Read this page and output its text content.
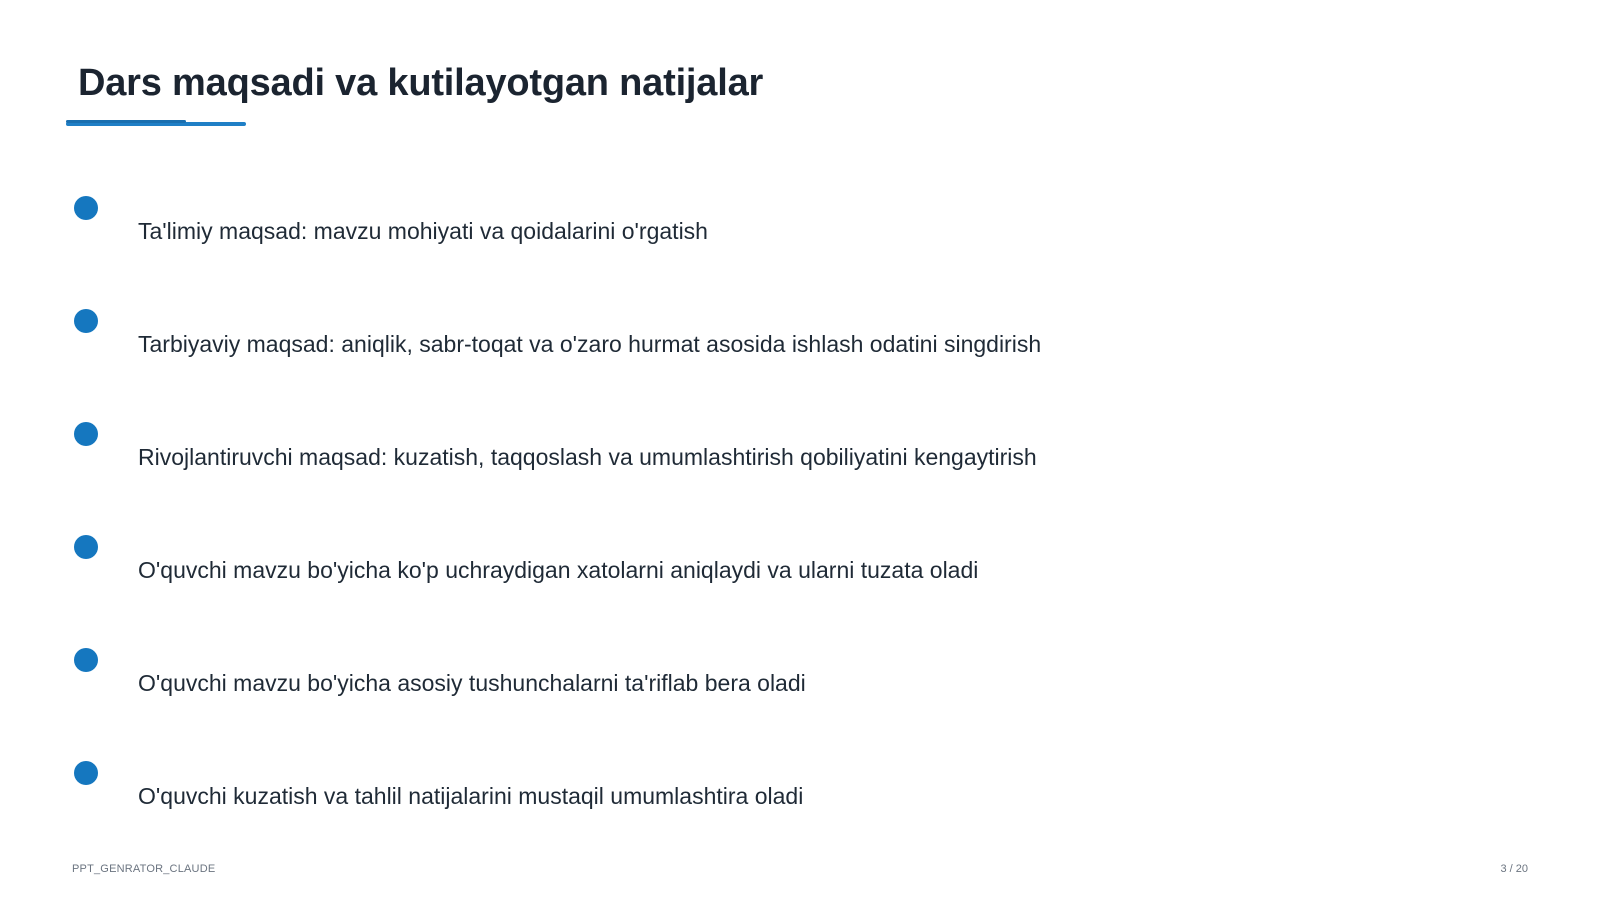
Dars maqsadi va kutilayotgan natijalar
Ta'limiy maqsad: mavzu mohiyati va qoidalarini o'rgatish
Tarbiyaviy maqsad: aniqlik, sabr-toqat va o'zaro hurmat asosida ishlash odatini singdirish
Rivojlantiruvchi maqsad: kuzatish, taqqoslash va umumlashtirish qobiliyatini kengaytirish
O'quvchi mavzu bo'yicha ko'p uchraydigan xatolarni aniqlaydi va ularni tuzata oladi
O'quvchi mavzu bo'yicha asosiy tushunchalarni ta'riflab bera oladi
O'quvchi kuzatish va tahlil natijalarini mustaqil umumlashtira oladi
PPT_GENRATOR_CLAUDE	3 / 20
